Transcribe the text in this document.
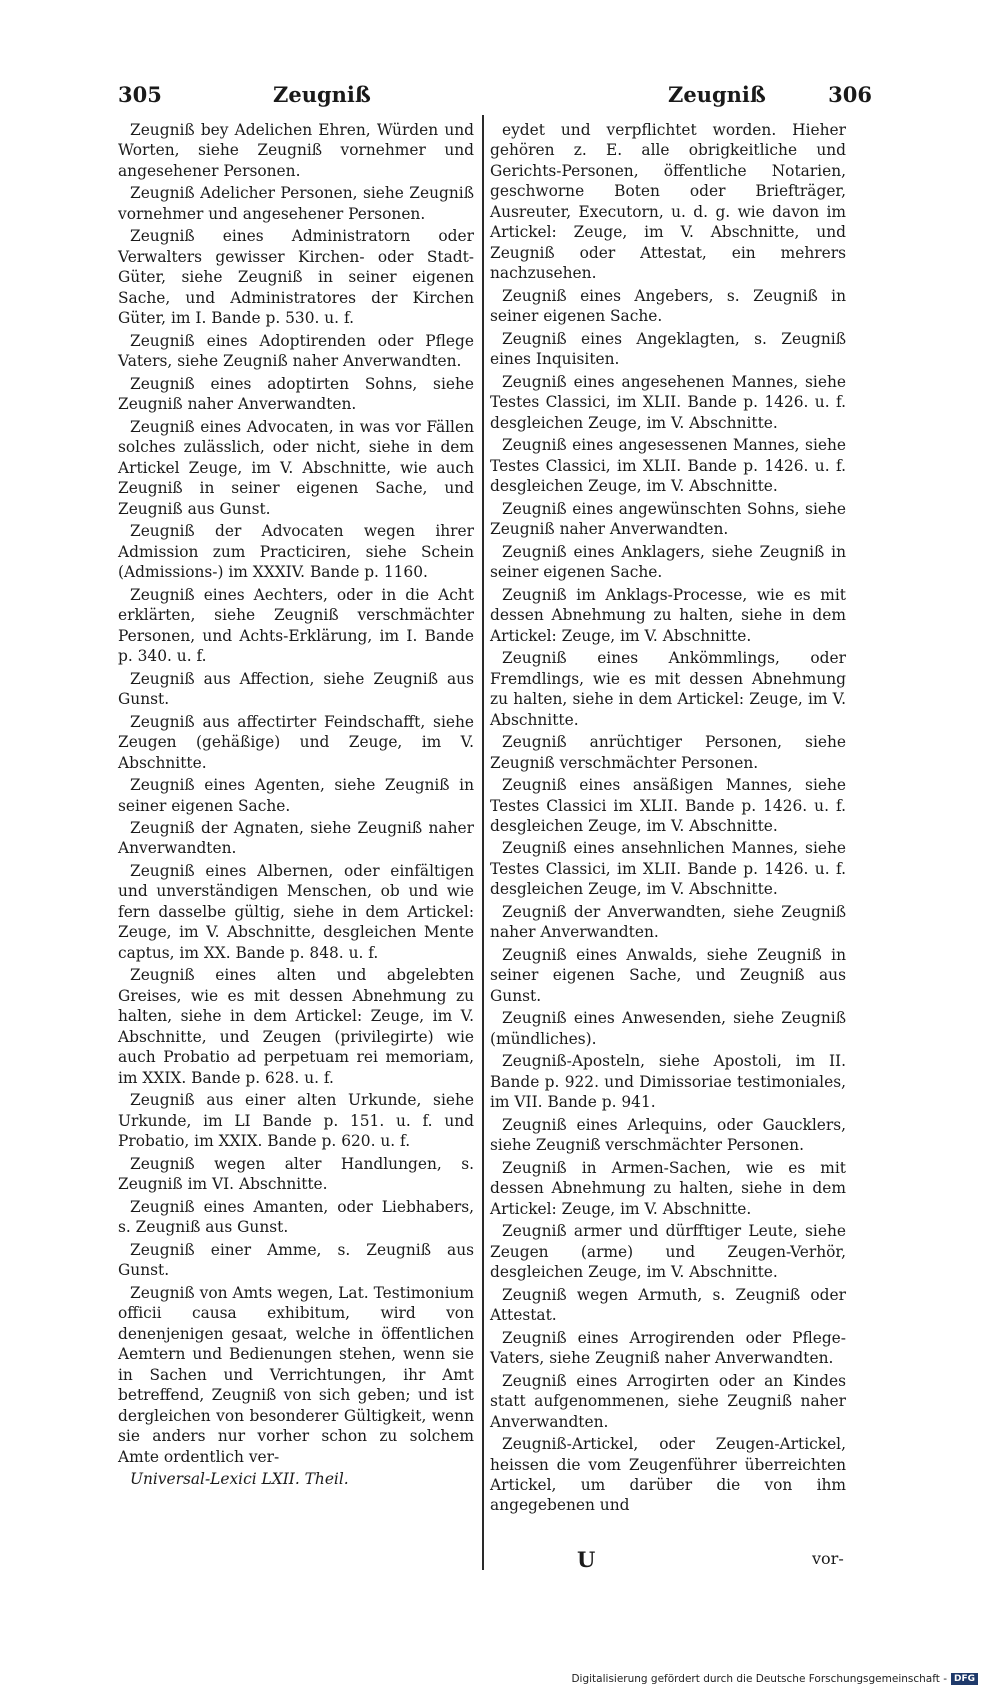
305	Zeugniß	Zeugniß	306

Zeugniß bey Adelichen Ehren, Würden und Worten, siehe Zeugniß vornehmer und angesehener Personen.

Zeugniß Adelicher Personen, siehe Zeugniß vornehmer und angesehener Personen.

Zeugniß eines Administratorn oder Verwalters gewisser Kirchen- oder Stadt-Güter, siehe Zeugniß in seiner eigenen Sache, und Administratores der Kirchen Güter, im I. Bande p. 530. u. f.

Zeugniß eines Adoptirenden oder Pflege Vaters, siehe Zeugniß naher Anverwandten.

Zeugniß eines adoptirten Sohns, siehe Zeugniß naher Anverwandten.

Zeugniß eines Advocaten, in was vor Fällen solches zulässlich, oder nicht, siehe in dem Artickel Zeuge, im V. Abschnitte, wie auch Zeugniß in seiner eigenen Sache, und Zeugniß aus Gunst.

Zeugniß der Advocaten wegen ihrer Admission zum Practiciren, siehe Schein (Admissions-) im XXXIV. Bande p. 1160.

Zeugniß eines Aechters, oder in die Acht erklärten, siehe Zeugniß verschmächter Personen, und Achts-Erklärung, im I. Bande p. 340. u. f.

Zeugniß aus Affection, siehe Zeugniß aus Gunst.

Zeugniß aus affectirter Feindschafft, siehe Zeugen (gehäßige) und Zeuge, im V. Abschnitte.

Zeugniß eines Agenten, siehe Zeugniß in seiner eigenen Sache.

Zeugniß der Agnaten, siehe Zeugniß naher Anverwandten.

Zeugniß eines Albernen, oder einfältigen und unverständigen Menschen, ob und wie fern dasselbe gültig, siehe in dem Artickel: Zeuge, im V. Abschnitte, desgleichen Mente captus, im XX. Bande p. 848. u. f.

Zeugniß eines alten und abgelebten Greises, wie es mit dessen Abnehmung zu halten, siehe in dem Artickel: Zeuge, im V. Abschnitte, und Zeugen (privilegirte) wie auch Probatio ad perpetuam rei memoriam, im XXIX. Bande p. 628. u. f.

Zeugniß aus einer alten Urkunde, siehe Urkunde, im LI Bande p. 151. u. f. und Probatio, im XXIX. Bande p. 620. u. f.

Zeugniß wegen alter Handlungen, s. Zeugniß im VI. Abschnitte.

Zeugniß eines Amanten, oder Liebhabers, s. Zeugniß aus Gunst.

Zeugniß einer Amme, s. Zeugniß aus Gunst.

Zeugniß von Amts wegen, Lat. Testimonium officii causa exhibitum, wird von denenjenigen gesaat, welche in öffentlichen Aemtern und Bedienungen stehen, wenn sie in Sachen und Verrichtungen, ihr Amt betreffend, Zeugniß von sich geben; und ist dergleichen von besonderer Gültigkeit, wenn sie anders nur vorher schon zu solchem Amte ordentlich ver-

Universal-Lexici LXII. Theil.

eydet und verpflichtet worden. Hieher gehören z. E. alle obrigkeitliche und Gerichts-Personen, öffentliche Notarien, geschworne Boten oder Briefträger, Ausreuter, Executorn, u. d. g. wie davon im Artickel: Zeuge, im V. Abschnitte, und Zeugniß oder Attestat, ein mehrers nachzusehen.

Zeugniß eines Angebers, s. Zeugniß in seiner eigenen Sache.

Zeugniß eines Angeklagten, s. Zeugniß eines Inquisiten.

Zeugniß eines angesehenen Mannes, siehe Testes Classici, im XLII. Bande p. 1426. u. f. desgleichen Zeuge, im V. Abschnitte.

Zeugniß eines angesessenen Mannes, siehe Testes Classici, im XLII. Bande p. 1426. u. f. desgleichen Zeuge, im V. Abschnitte.

Zeugniß eines angewünschten Sohns, siehe Zeugniß naher Anverwandten.

Zeugniß eines Anklagers, siehe Zeugniß in seiner eigenen Sache.

Zeugniß im Anklags-Processe, wie es mit dessen Abnehmung zu halten, siehe in dem Artickel: Zeuge, im V. Abschnitte.

Zeugniß eines Ankömmlings, oder Fremdlings, wie es mit dessen Abnehmung zu halten, siehe in dem Artickel: Zeuge, im V. Abschnitte.

Zeugniß anrüchtiger Personen, siehe Zeugniß verschmächter Personen.

Zeugniß eines ansäßigen Mannes, siehe Testes Classici im XLII. Bande p. 1426. u. f. desgleichen Zeuge, im V. Abschnitte.

Zeugniß eines ansehnlichen Mannes, siehe Testes Classici, im XLII. Bande p. 1426. u. f. desgleichen Zeuge, im V. Abschnitte.

Zeugniß der Anverwandten, siehe Zeugniß naher Anverwandten.

Zeugniß eines Anwalds, siehe Zeugniß in seiner eigenen Sache, und Zeugniß aus Gunst.

Zeugniß eines Anwesenden, siehe Zeugniß (mündliches).

Zeugniß-Aposteln, siehe Apostoli, im II. Bande p. 922. und Dimissoriae testimoniales, im VII. Bande p. 941.

Zeugniß eines Arlequins, oder Gaucklers, siehe Zeugniß verschmächter Personen.

Zeugniß in Armen-Sachen, wie es mit dessen Abnehmung zu halten, siehe in dem Artickel: Zeuge, im V. Abschnitte.

Zeugniß armer und dürfftiger Leute, siehe Zeugen (arme) und Zeugen-Verhör, desgleichen Zeuge, im V. Abschnitte.

Zeugniß wegen Armuth, s. Zeugniß oder Attestat.

Zeugniß eines Arrogirenden oder Pflege-Vaters, siehe Zeugniß naher Anverwandten.

Zeugniß eines Arrogirten oder an Kindes statt aufgenommenen, siehe Zeugniß naher Anverwandten.

Zeugniß-Artickel, oder Zeugen-Artickel, heissen die vom Zeugenführer überreichten Artickel, um darüber die von ihm angegebenen und

U	vor-
Digitalisierung gefördert durch die Deutsche Forschungsgemeinschaft - DFG
